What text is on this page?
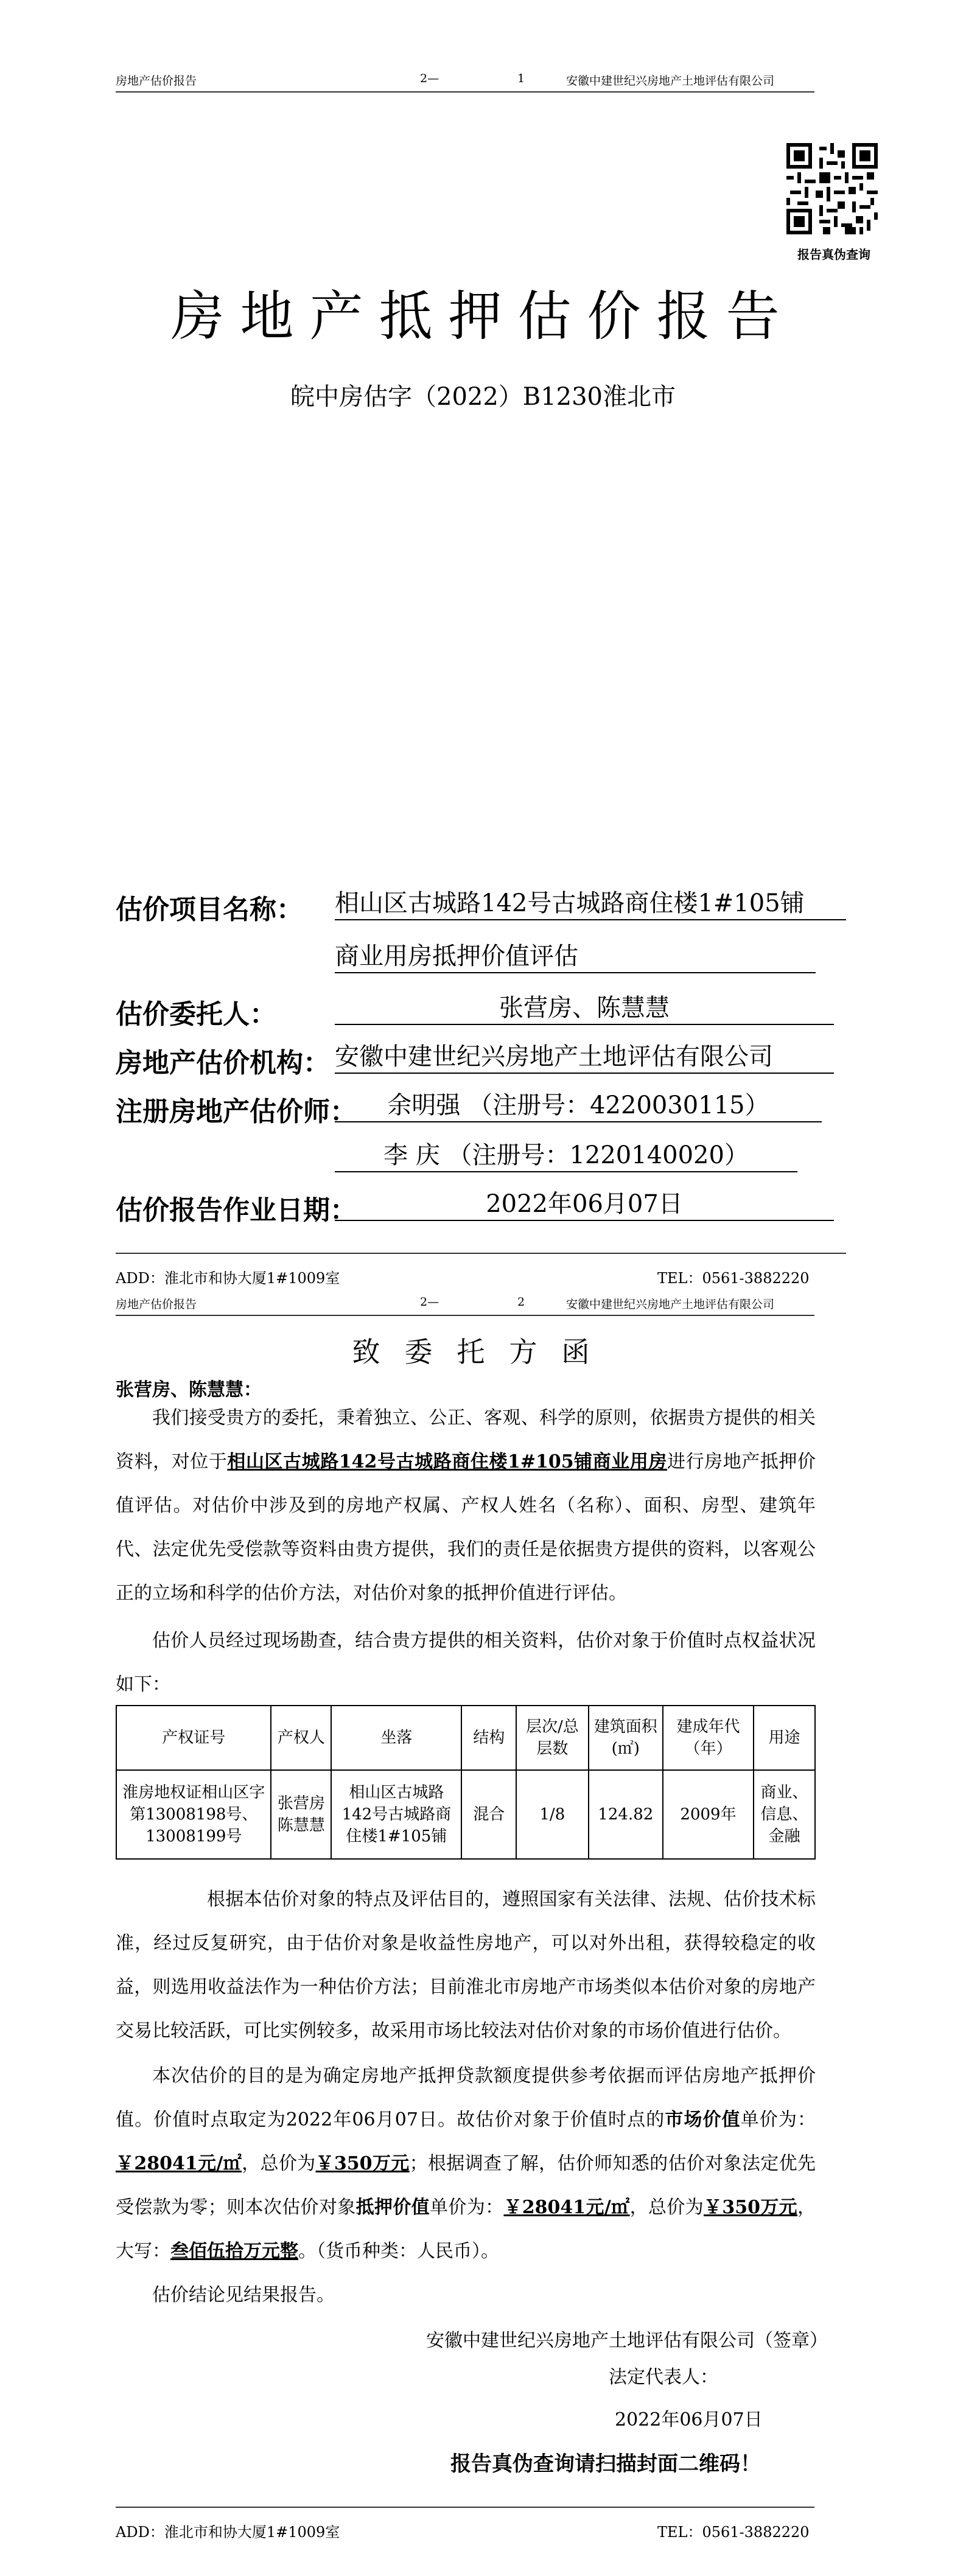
房地产估价报告	2—	1	安徽中建世纪兴房地产土地评估有限公司
报告真伪查询
房地产抵押估价报告
皖中房估字（2022）B1230淮北市
估价项目名称： 相山区古城路142号古城路商住楼1#105铺
商业用房抵押价值评估
估价委托人：	张营房、陈慧慧
房地产估价机构： 安徽中建世纪兴房地产土地评估有限公司
注册房地产估价师：	余明强 （注册号：4220030115）
李 庆 （注册号：1220140020）
估价报告作业日期：	2022年06月07日
ADD：淮北市和协大厦1#1009室	TEL：0561-3882220
房地产估价报告	2—	2	安徽中建世纪兴房地产土地评估有限公司
致委托方函
张营房、陈慧慧：
我们接受贵方的委托，秉着独立、公正、客观、科学的原则，依据贵方提供的相关资料，对位于相山区古城路142号古城路商住楼1#105铺商业用房进行房地产抵押价值评估。对估价中涉及到的房地产权属、产权人姓名（名称）、面积、房型、建筑年代、法定优先受偿款等资料由贵方提供，我们的责任是依据贵方提供的资料，以客观公正的立场和科学的估价方法，对估价对象的抵押价值进行评估。
估价人员经过现场勘查，结合贵方提供的相关资料，估价对象于价值时点权益状况如下：
产权证号	产权人	坐落	结构	层次/总层数	建筑面积(㎡)	建成年代（年）	用途
淮房地权证相山区字第13008198号、13008199号	张营房陈慧慧	相山区古城路142号古城路商住楼1#105铺	混合	1/8	124.82	2009年	商业、信息、金融
根据本估价对象的特点及评估目的，遵照国家有关法律、法规、估价技术标准，经过反复研究，由于估价对象是收益性房地产，可以对外出租，获得较稳定的收益，则选用收益法作为一种估价方法；目前淮北市房地产市场类似本估价对象的房地产交易比较活跃，可比实例较多，故采用市场比较法对估价对象的市场价值进行估价。
本次估价的目的是为确定房地产抵押贷款额度提供参考依据而评估房地产抵押价值。价值时点取定为2022年06月07日。故估价对象于价值时点的市场价值单价为：￥28041元/㎡，总价为￥350万元；根据调查了解，估价师知悉的估价对象法定优先受偿款为零；则本次估价对象抵押价值单价为：￥28041元/㎡，总价为￥350万元，大写：叁佰伍拾万元整。（货币种类：人民币）。
估价结论见结果报告。
安徽中建世纪兴房地产土地评估有限公司（签章）
法定代表人：
2022年06月07日
报告真伪查询请扫描封面二维码！
ADD：淮北市和协大厦1#1009室	TEL：0561-3882220
